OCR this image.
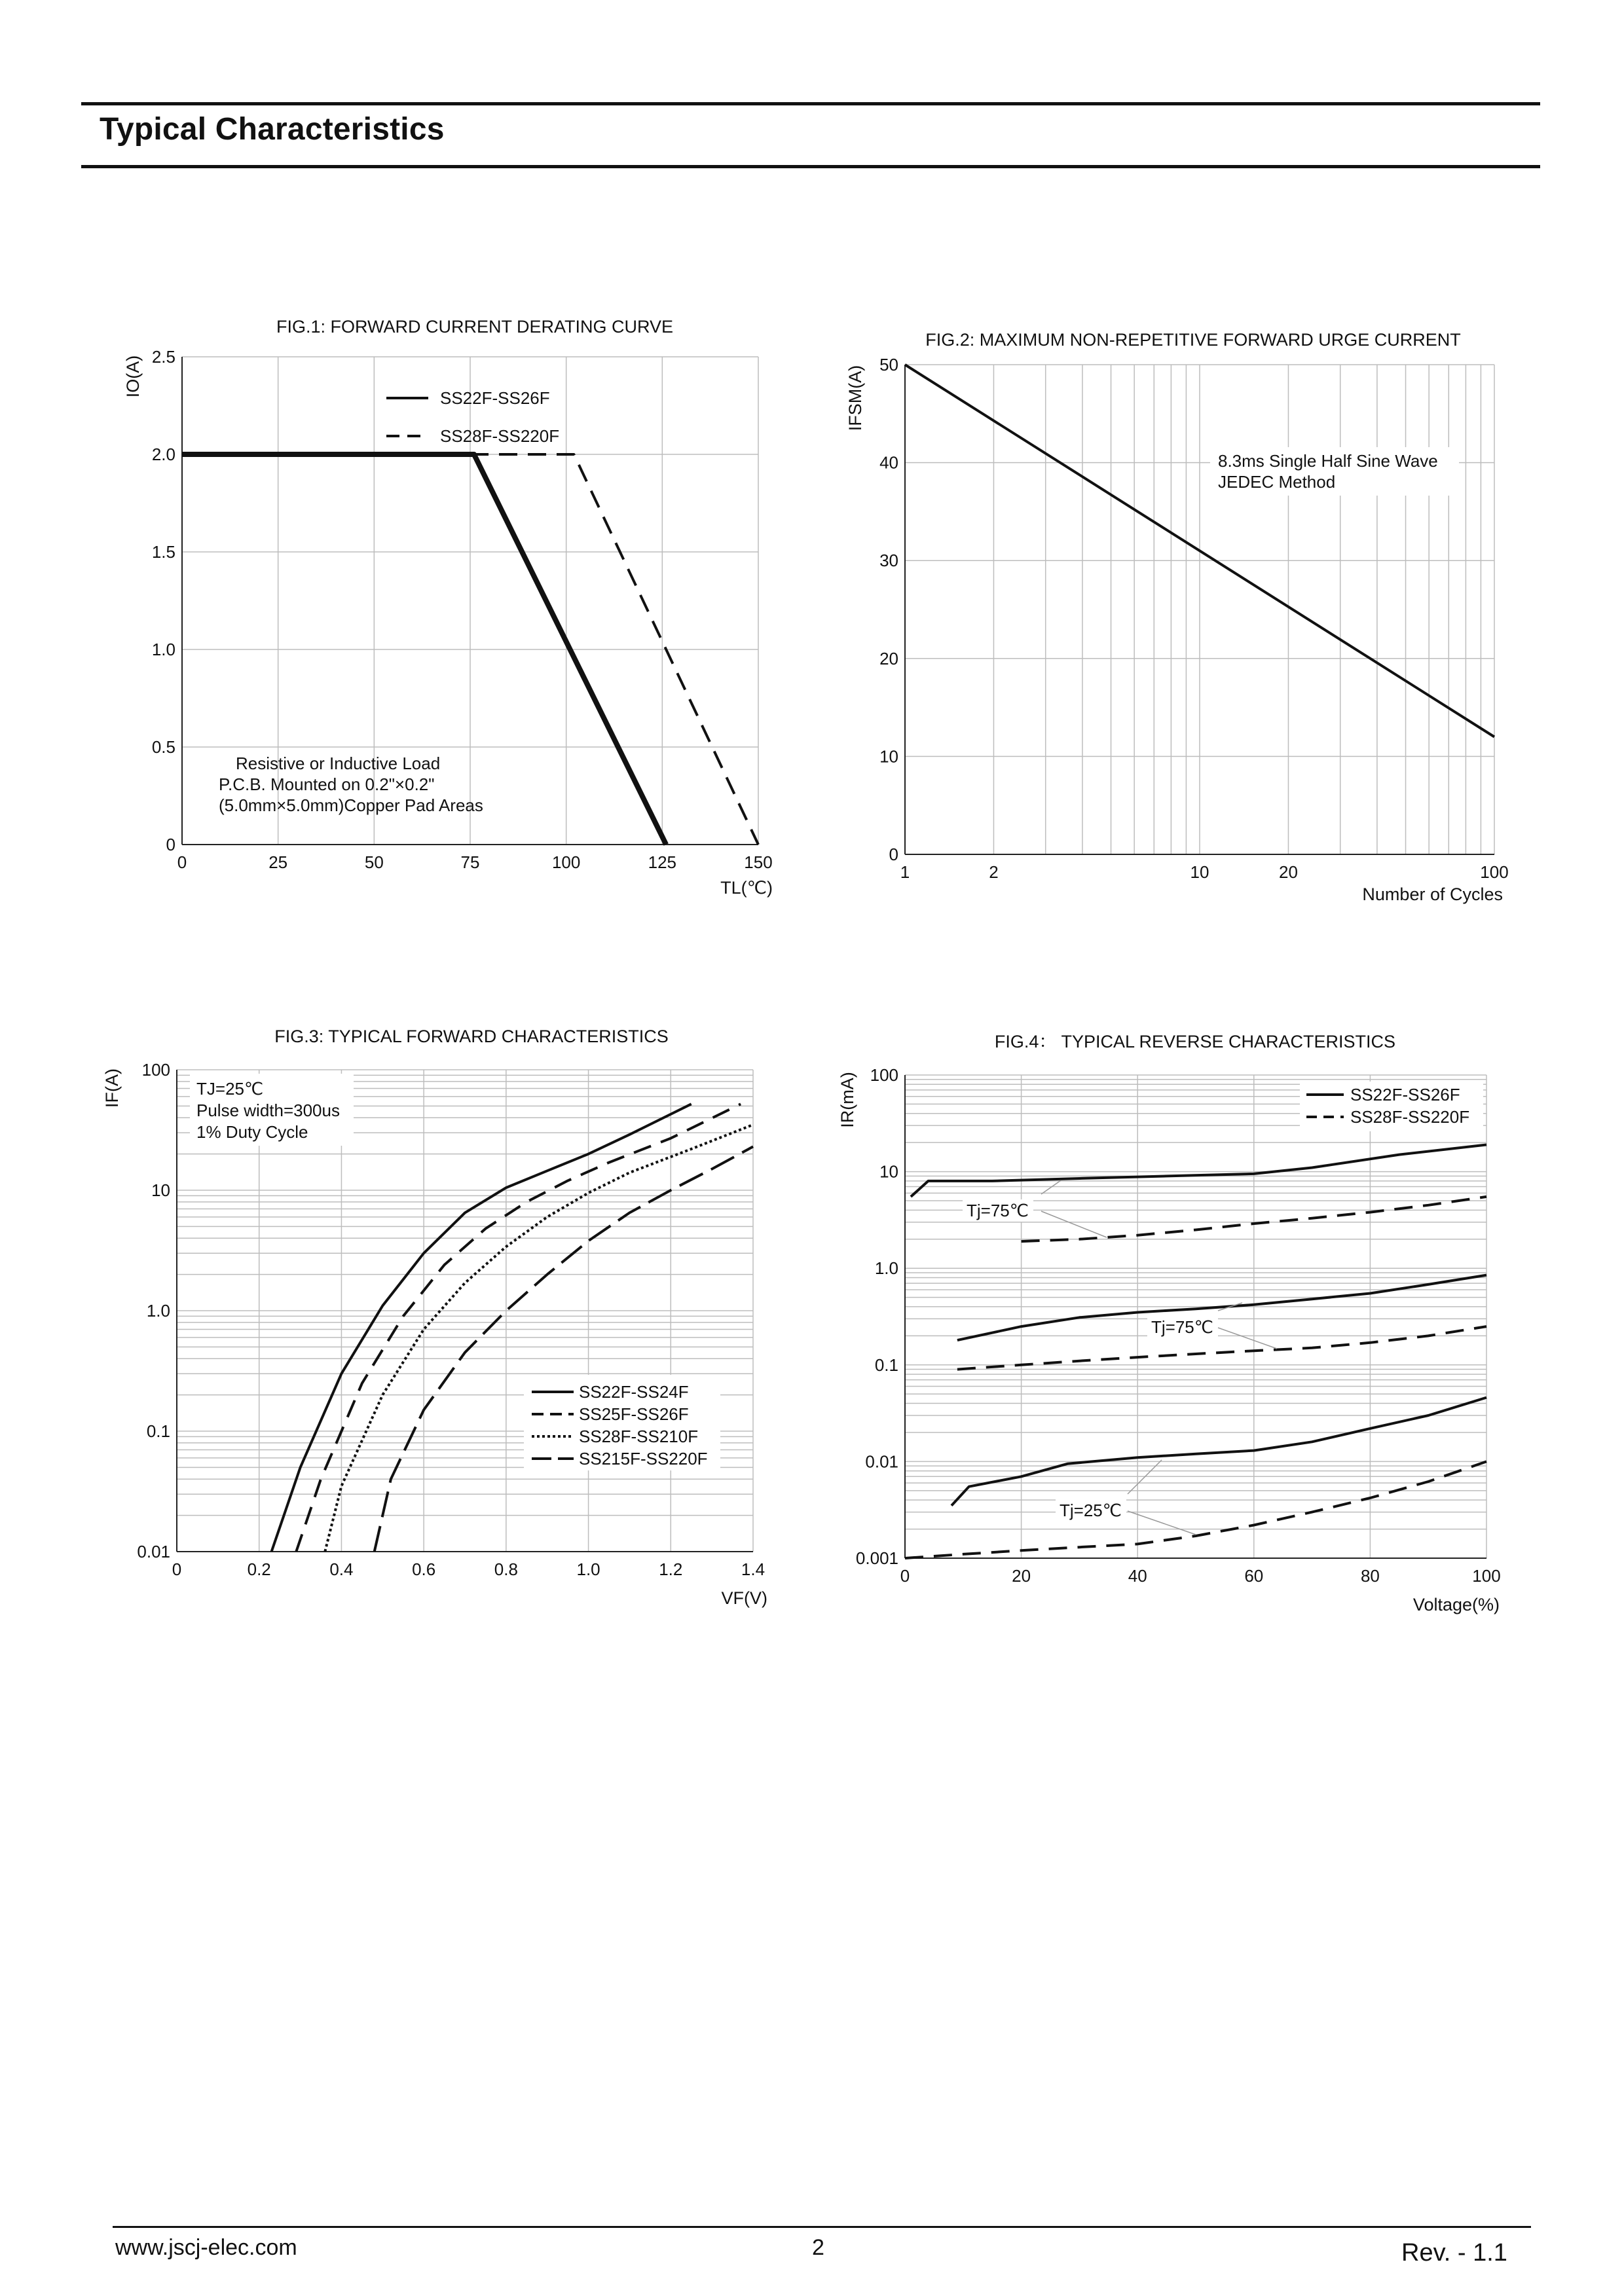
Typical Characteristics
0	25	50	75	100	125	150
0
0.5
1.0
1.5
2.0
2.5
FIG.1: FORWARD CURRENT DERATING CURVE
TL(℃)
IO(A)
SS22F-SS26F
SS28F-SS220F
Resistive or Inductive Load
P.C.B. Mounted on 0.2"×0.2"
(5.0mm×5.0mm)Copper Pad Areas
1	2	10	20	100
0
10
20
30
40
50
FIG.2: MAXIMUM NON-REPETITIVE FORWARD URGE CURRENT
Number of Cycles
IFSM(A)
8.3ms Single Half Sine Wave
JEDEC Method
0	0.2	0.4	0.6	0.8	1.0	1.2	1.4
0.01
0.1
1.0
10
100
FIG.3: TYPICAL FORWARD CHARACTERISTICS
VF(V)
IF(A)	TJ=25℃
Pulse width=300us
1% Duty Cycle
SS22F-SS24F
SS25F-SS26F
SS28F-SS210F
SS215F-SS220F
0	20	40	60	80	100
0.001
0.01
0.1
1.0
10
100
FIG.4： TYPICAL REVERSE CHARACTERISTICS
Voltage(%)
IR(mA)	SS22F-SS26F
SS28F-SS220F
Tj=75℃
Tj=75℃
Tj=25℃
www.jscj-elec.com	2	Rev. - 1.1
